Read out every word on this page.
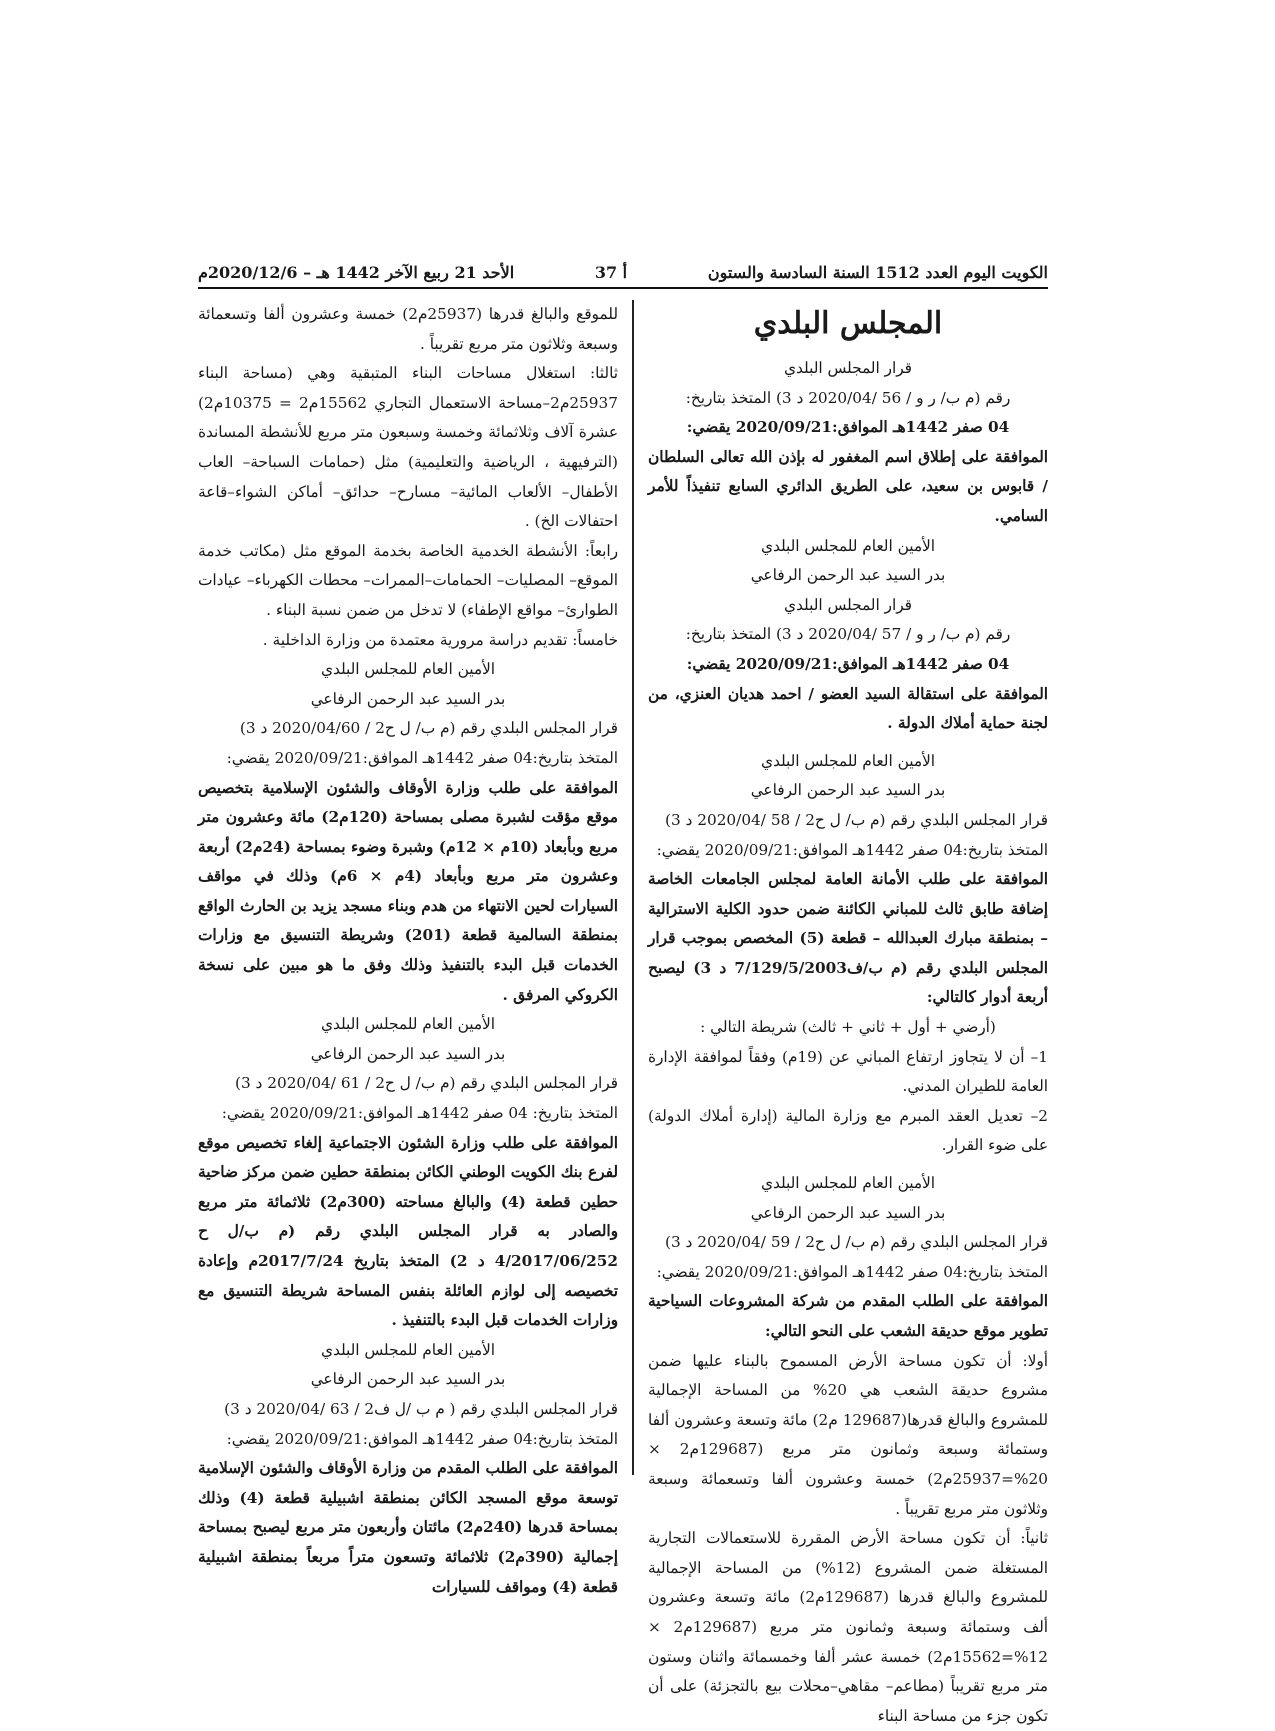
الكويت اليوم العدد 1512 السنة السادسة والستون
أ 37
الأحد 21 ربيع الآخر 1442 هـ – 2020/12/6م
المجلس البلدي

قرار المجلس البلدي

رقم (م ب/ ر و / 56 /2020/04 د 3) المتخذ بتاريخ:

04 صفر 1442هـ الموافق:2020/09/21 يقضي:

الموافقة على إطلاق اسم المغفور له بإذن الله تعالى السلطان / قابوس بن سعيد، على الطريق الدائري السابع تنفيذاً للأمر السامي.

الأمين العام للمجلس البلدي

بدر السيد عبد الرحمن الرفاعي

قرار المجلس البلدي

رقم (م ب/ ر و / 57 /2020/04 د 3) المتخذ بتاريخ:

04 صفر 1442هـ الموافق:2020/09/21 يقضي:

الموافقة على استقالة السيد العضو / احمد هديان العنزي، من لجنة حماية أملاك الدولة .

الأمين العام للمجلس البلدي

بدر السيد عبد الرحمن الرفاعي

قرار المجلس البلدي رقم (م ب/ ل ح2 / 58 /2020/04 د 3)

المتخذ بتاريخ:04 صفر 1442هـ الموافق:2020/09/21 يقضي:

الموافقة على طلب الأمانة العامة لمجلس الجامعات الخاصة إضافة طابق ثالث للمباني الكائنة ضمن حدود الكلية الاسترالية – بمنطقة مبارك العبدالله – قطعة (5) المخصص بموجب قرار المجلس البلدي رقم (م ب/ف7/129/5/2003 د 3) ليصبح أربعة أدوار كالتالي:

(أرضي + أول + ثاني + ثالث) شريطة التالي :

1– أن لا يتجاوز ارتفاع المباني عن (19م) وفقاً لموافقة الإدارة العامة للطيران المدني.

2– تعديل العقد المبرم مع وزارة المالية (إدارة أملاك الدولة) على ضوء القرار.

الأمين العام للمجلس البلدي

بدر السيد عبد الرحمن الرفاعي

قرار المجلس البلدي رقم (م ب/ ل ح2 / 59 /2020/04 د 3)

المتخذ بتاريخ:04 صفر 1442هـ الموافق:2020/09/21 يقضي:

الموافقة على الطلب المقدم من شركة المشروعات السياحية تطوير موقع حديقة الشعب على النحو التالي:

أولا: أن تكون مساحة الأرض المسموح بالبناء عليها ضمن مشروع حديقة الشعب هي 20% من المساحة الإجمالية للمشروع والبالغ قدرها(129687 م2) مائة وتسعة وعشرون ألفا وستمائة وسبعة وثمانون متر مربع (129687م2 × 20%=25937م2) خمسة وعشرون ألفا وتسعمائة وسبعة وثلاثون متر مربع تقريباً .

ثانياً: أن تكون مساحة الأرض المقررة للاستعمالات التجارية المستغلة ضمن المشروع (12%) من المساحة الإجمالية للمشروع والبالغ قدرها (129687م2) مائة وتسعة وعشرون ألف وستمائة وسبعة وثمانون متر مربع (129687م2 × 12%=15562م2) خمسة عشر ألفا وخمسمائة واثنان وستون متر مربع تقريباً (مطاعم– مقاهي–محلات بيع بالتجزئة) على أن تكون جزء من مساحة البناء

للموقع والبالغ قدرها (25937م2) خمسة وعشرون ألفا وتسعمائة وسبعة وثلاثون متر مربع تقريباً .

ثالثا: استغلال مساحات البناء المتبقية وهي (مساحة البناء 25937م2–مساحة الاستعمال التجاري 15562م2 = 10375م2) عشرة آلاف وثلاثمائة وخمسة وسبعون متر مربع للأنشطة المساندة (الترفيهية ، الرياضية والتعليمية) مثل (حمامات السباحة– العاب الأطفال– الألعاب المائية– مسارح– حدائق– أماكن الشواء–قاعة احتفالات الخ) .

رابعاً: الأنشطة الخدمية الخاصة بخدمة الموقع مثل (مكاتب خدمة الموقع– المصليات– الحمامات–الممرات– محطات الكهرباء– عيادات الطوارئ– مواقع الإطفاء) لا تدخل من ضمن نسبة البناء .

خامساً: تقديم دراسة مرورية معتمدة من وزارة الداخلية .

الأمين العام للمجلس البلدي

بدر السيد عبد الرحمن الرفاعي

قرار المجلس البلدي رقم (م ب/ ل ح2 / 2020/04/60 د 3)

المتخذ بتاريخ:04 صفر 1442هـ الموافق:2020/09/21 يقضي:

الموافقة على طلب وزارة الأوقاف والشئون الإسلامية بتخصيص موقع مؤقت لشبرة مصلى بمساحة (120م2) مائة وعشرون متر مربع وبأبعاد (10م × 12م) وشبرة وضوء بمساحة (24م2) أربعة وعشرون متر مربع وبأبعاد (4م × 6م) وذلك في مواقف السيارات لحين الانتهاء من هدم وبناء مسجد يزيد بن الحارث الواقع بمنطقة السالمية قطعة (201) وشريطة التنسيق مع وزارات الخدمات قبل البدء بالتنفيذ وذلك وفق ما هو مبين على نسخة الكروكي المرفق .

الأمين العام للمجلس البلدي

بدر السيد عبد الرحمن الرفاعي

قرار المجلس البلدي رقم (م ب/ ل ح2 / 61 /2020/04 د 3)

المتخذ بتاريخ: 04 صفر 1442هـ الموافق:2020/09/21 يقضي:

الموافقة على طلب وزارة الشئون الاجتماعية إلغاء تخصيص موقع لفرع بنك الكويت الوطني الكائن بمنطقة حطين ضمن مركز ضاحية حطين قطعة (4) والبالغ مساحته (300م2) ثلاثمائة متر مربع والصادر به قرار المجلس البلدي رقم (م ب/ل ح 4/2017/06/252 د 2) المتخذ بتاريخ 2017/7/24م وإعادة تخصيصه إلى لوازم العائلة بنفس المساحة شريطة التنسيق مع وزارات الخدمات قبل البدء بالتنفيذ .

الأمين العام للمجلس البلدي

بدر السيد عبد الرحمن الرفاعي

قرار المجلس البلدي رقم ( م ب /ل ف2 / 63 /2020/04 د 3)

المتخذ بتاريخ:04 صفر 1442هـ الموافق:2020/09/21 يقضي:

الموافقة على الطلب المقدم من وزارة الأوقاف والشئون الإسلامية توسعة موقع المسجد الكائن بمنطقة اشبيلية قطعة (4) وذلك بمساحة قدرها (240م2) مائتان وأربعون متر مربع ليصبح بمساحة إجمالية (390م2) ثلاثمائة وتسعون متراً مربعاً بمنطقة اشبيلية قطعة (4) ومواقف للسيارات
